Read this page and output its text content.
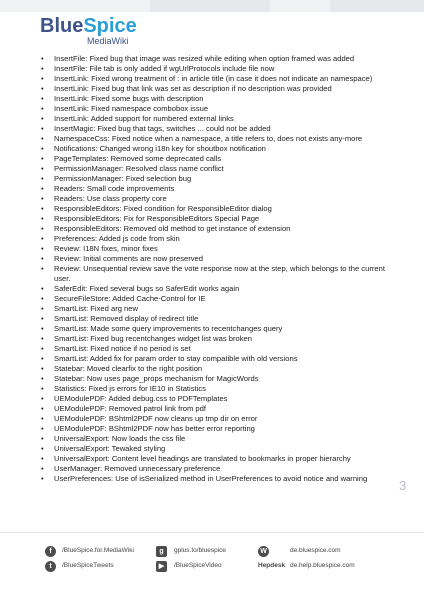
BlueSpice
MediaWiki
• InsertFile: Fixed bug that image was resized while editing when option framed was added
• InsertFile: File tab is only added if wgUrlProtocols include file now
• InsertLink: Fixed wrong treatment of : in article title (in case it does not indicate an namespace)
• InsertLink: Fixed bug that link was set as description if no description was provided
• InsertLink: Fixed some bugs with description
• InsertLink: Fixed namespace combobox issue
• InsertLink: Added support for numbered external links
• InsertMagic: Fixed bug that tags, switches ... could not be added
• NamespaceCss: Fixed notice when a namespace, a title refers to, does not exists any-more
• Notifications: Changed wrong i18n key for shoutbox notification
• PageTemplates: Removed some deprecated calls
• PermissionManager: Resolved class name conflict
• PermissionManager: Fixed selection bug
• Readers: Small code improvements
• Readers: Use class property core
• ResponsibleEditors: Fixed condition for ResponsibleEditor dialog
• ResponsibleEditors: Fix for ResponsibleEditors Special Page
• ResponsibleEditors: Removed old method to get instance of extension
• Preferences: Added js code from skin
• Review: I18N fixes, minor fixes
• Review: Initial comments are now preserved
• Review: Unsequential review save the vote response now at the step, which belongs to the current user.
• SaferEdit: Fixed several bugs so SaferEdit works again
• SecureFileStore: Added Cache-Control for IE
• SmartList: Fixed arg new
• SmartList: Removed display of redirect title
• SmartList: Made some query improvements to recentchanges query
• SmartList: Fixed bug recentchanges widget list was broken
• SmartList: Fixed notice if no period is set
• SmartList: Added fix for param order to stay compatible with old versions
• Statebar: Moved clearfix to the right position
• Statebar: Now uses page_props mechanism for MagicWords
• Statistics: Fixed js errors for IE10 in Statistics
• UEModulePDF: Added debug.css to PDFTemplates
• UEModulePDF: Removed patrol link from pdf
• UEModulePDF: BShtml2PDF now cleans up tmp dir on error
• UEModulePDF: BShtml2PDF now has better error reporting
• UniversalExport: Now loads the css file
• UniversalExport: Tewaked styling
• UniversalExport: Content level headings are translated to bookmarks in proper hierarchy
• UserManager: Removed unnecessary preference
• UserPreferences: Use of isSerialized method in UserPreferences to avoid notice and warning	3
f	/BlueSpice.for.MediaWiki	g	gplus.to/bluespice	W	de.bluespice.com
t	/BlueSpiceTweets	▶	/BlueSpiceVideo	Hepdesk de.help.bluespice.com
